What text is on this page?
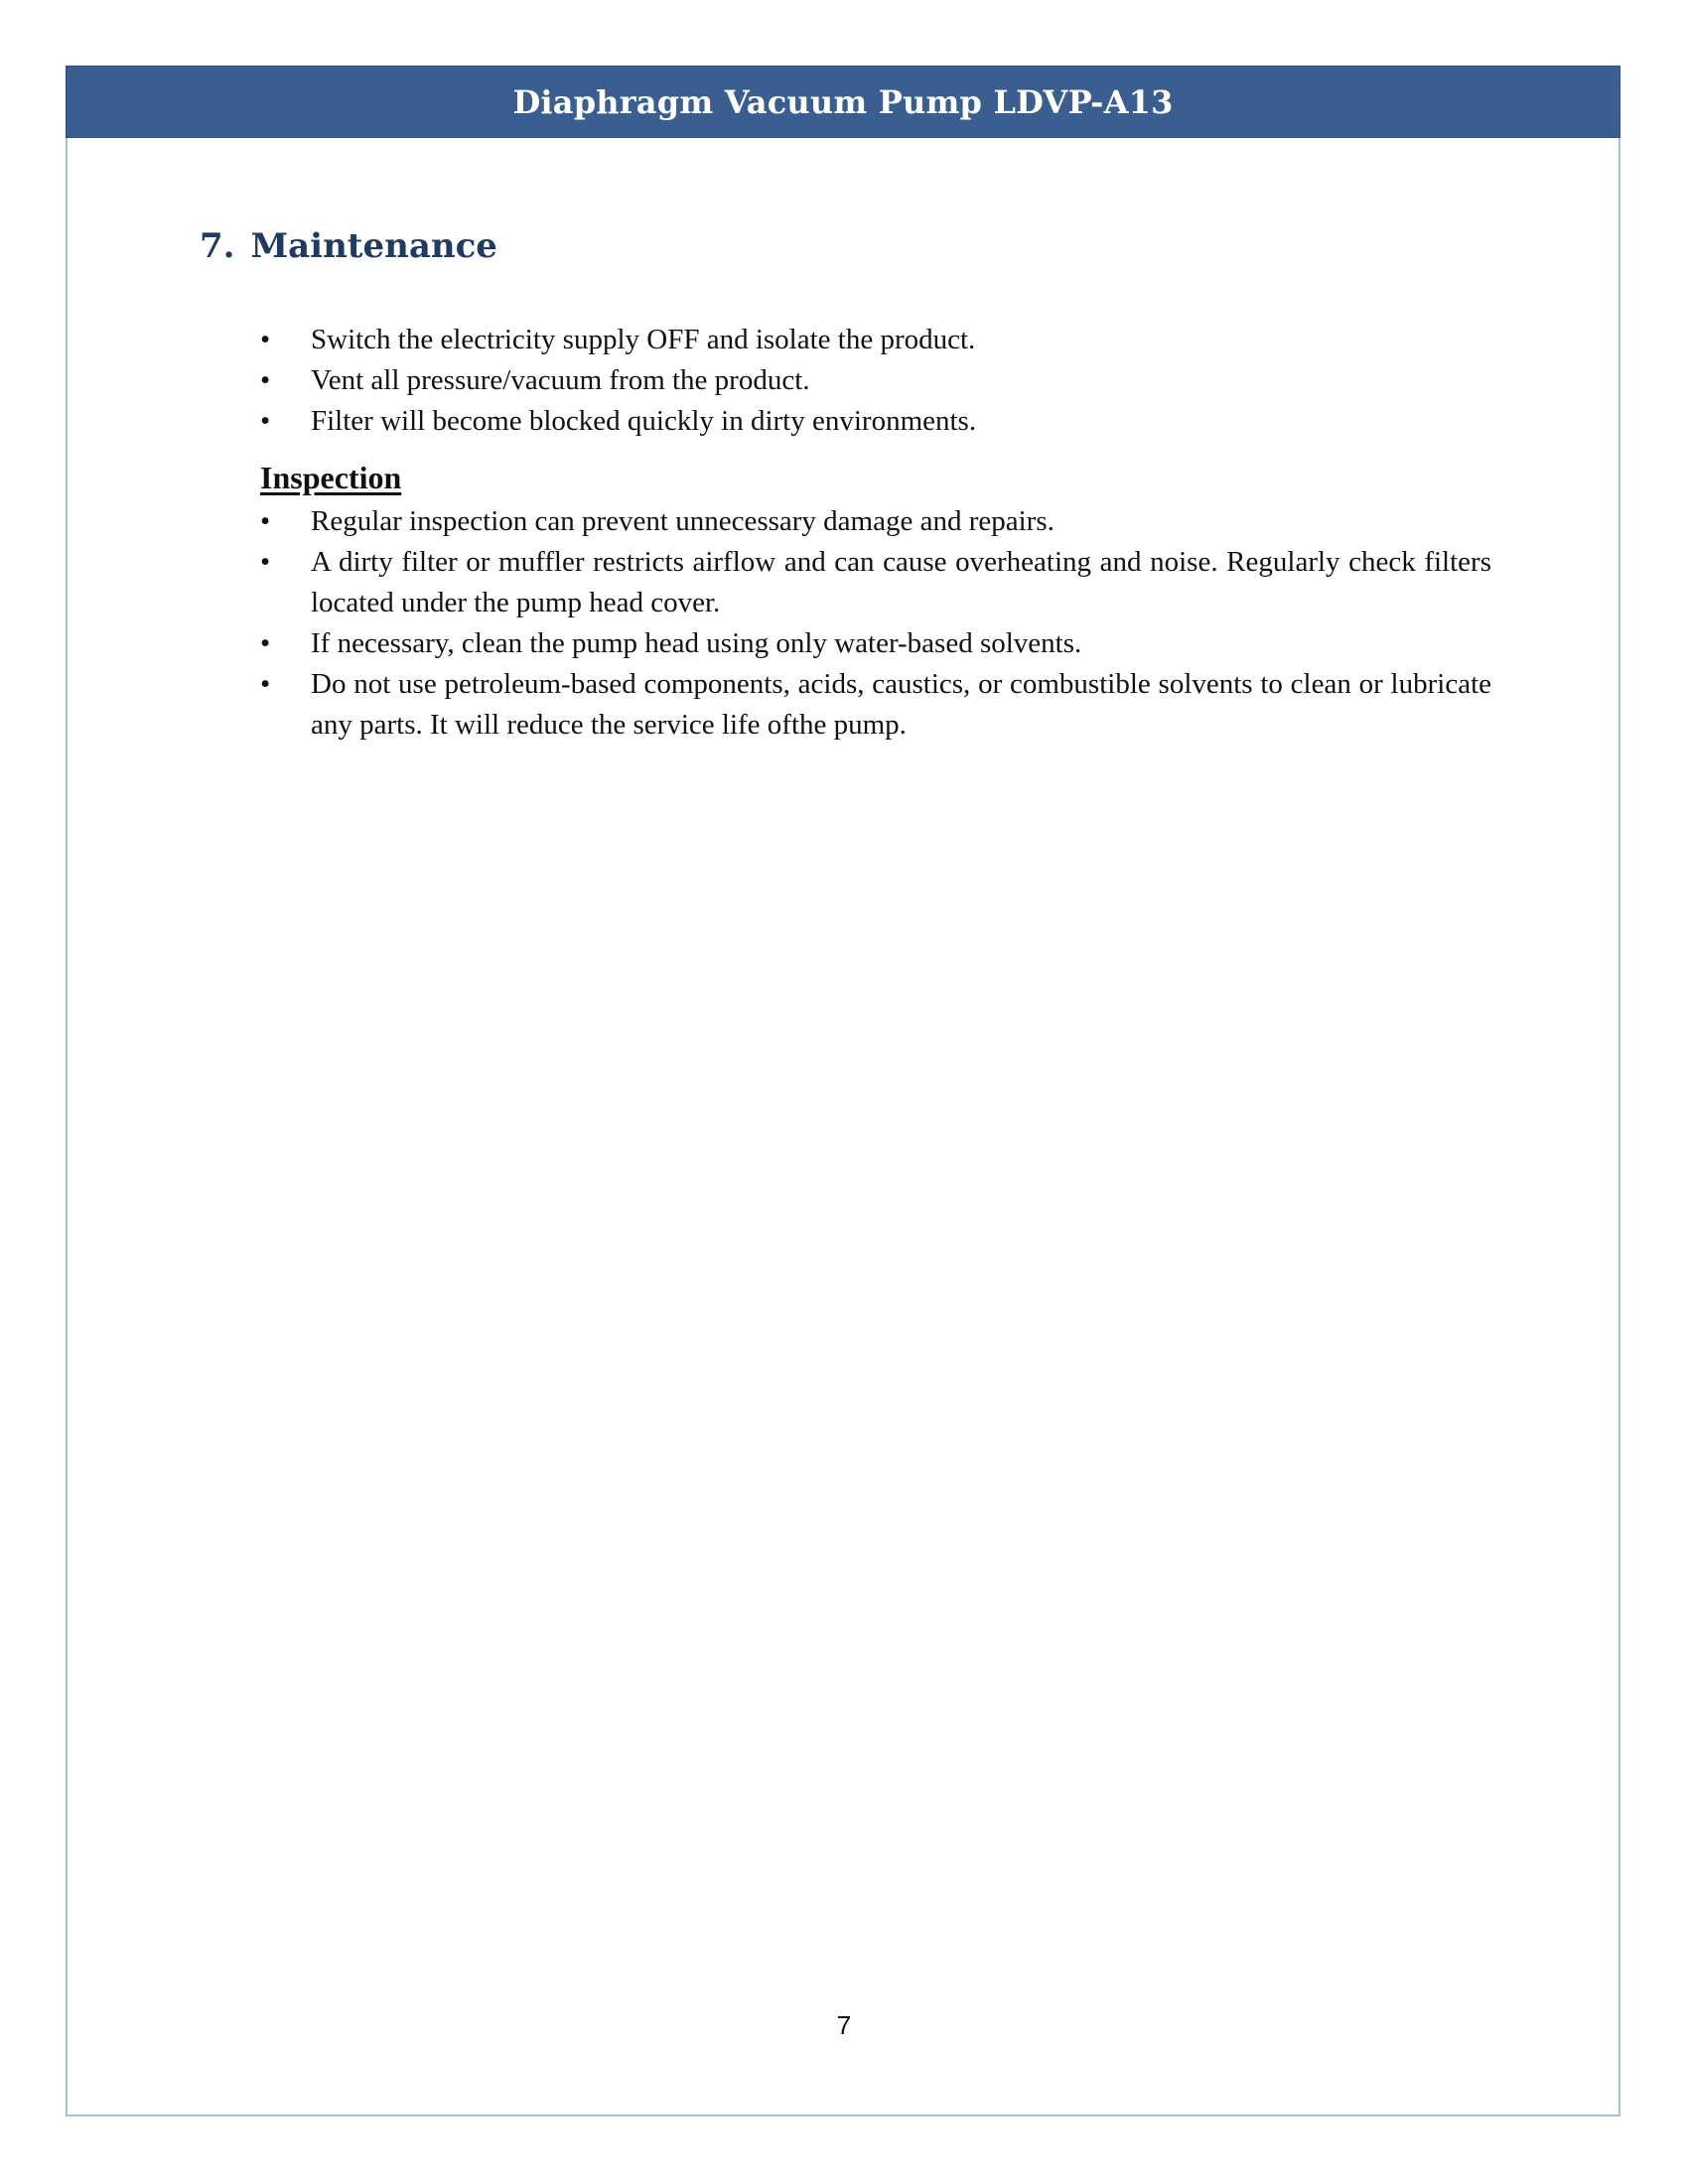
Diaphragm Vacuum Pump LDVP-A13
7. Maintenance
• Switch the electricity supply OFF and isolate the product.
• Vent all pressure/vacuum from the product.
• Filter will become blocked quickly in dirty environments.
Inspection
• Regular inspection can prevent unnecessary damage and repairs.
• A dirty filter or muffler restricts airflow and can cause overheating and noise. Regularly check filters located under the pump head cover.
• If necessary, clean the pump head using only water-based solvents.
• Do not use petroleum-based components, acids, caustics, or combustible solvents to clean or lubricate any parts. It will reduce the service life ofthe pump.
7
